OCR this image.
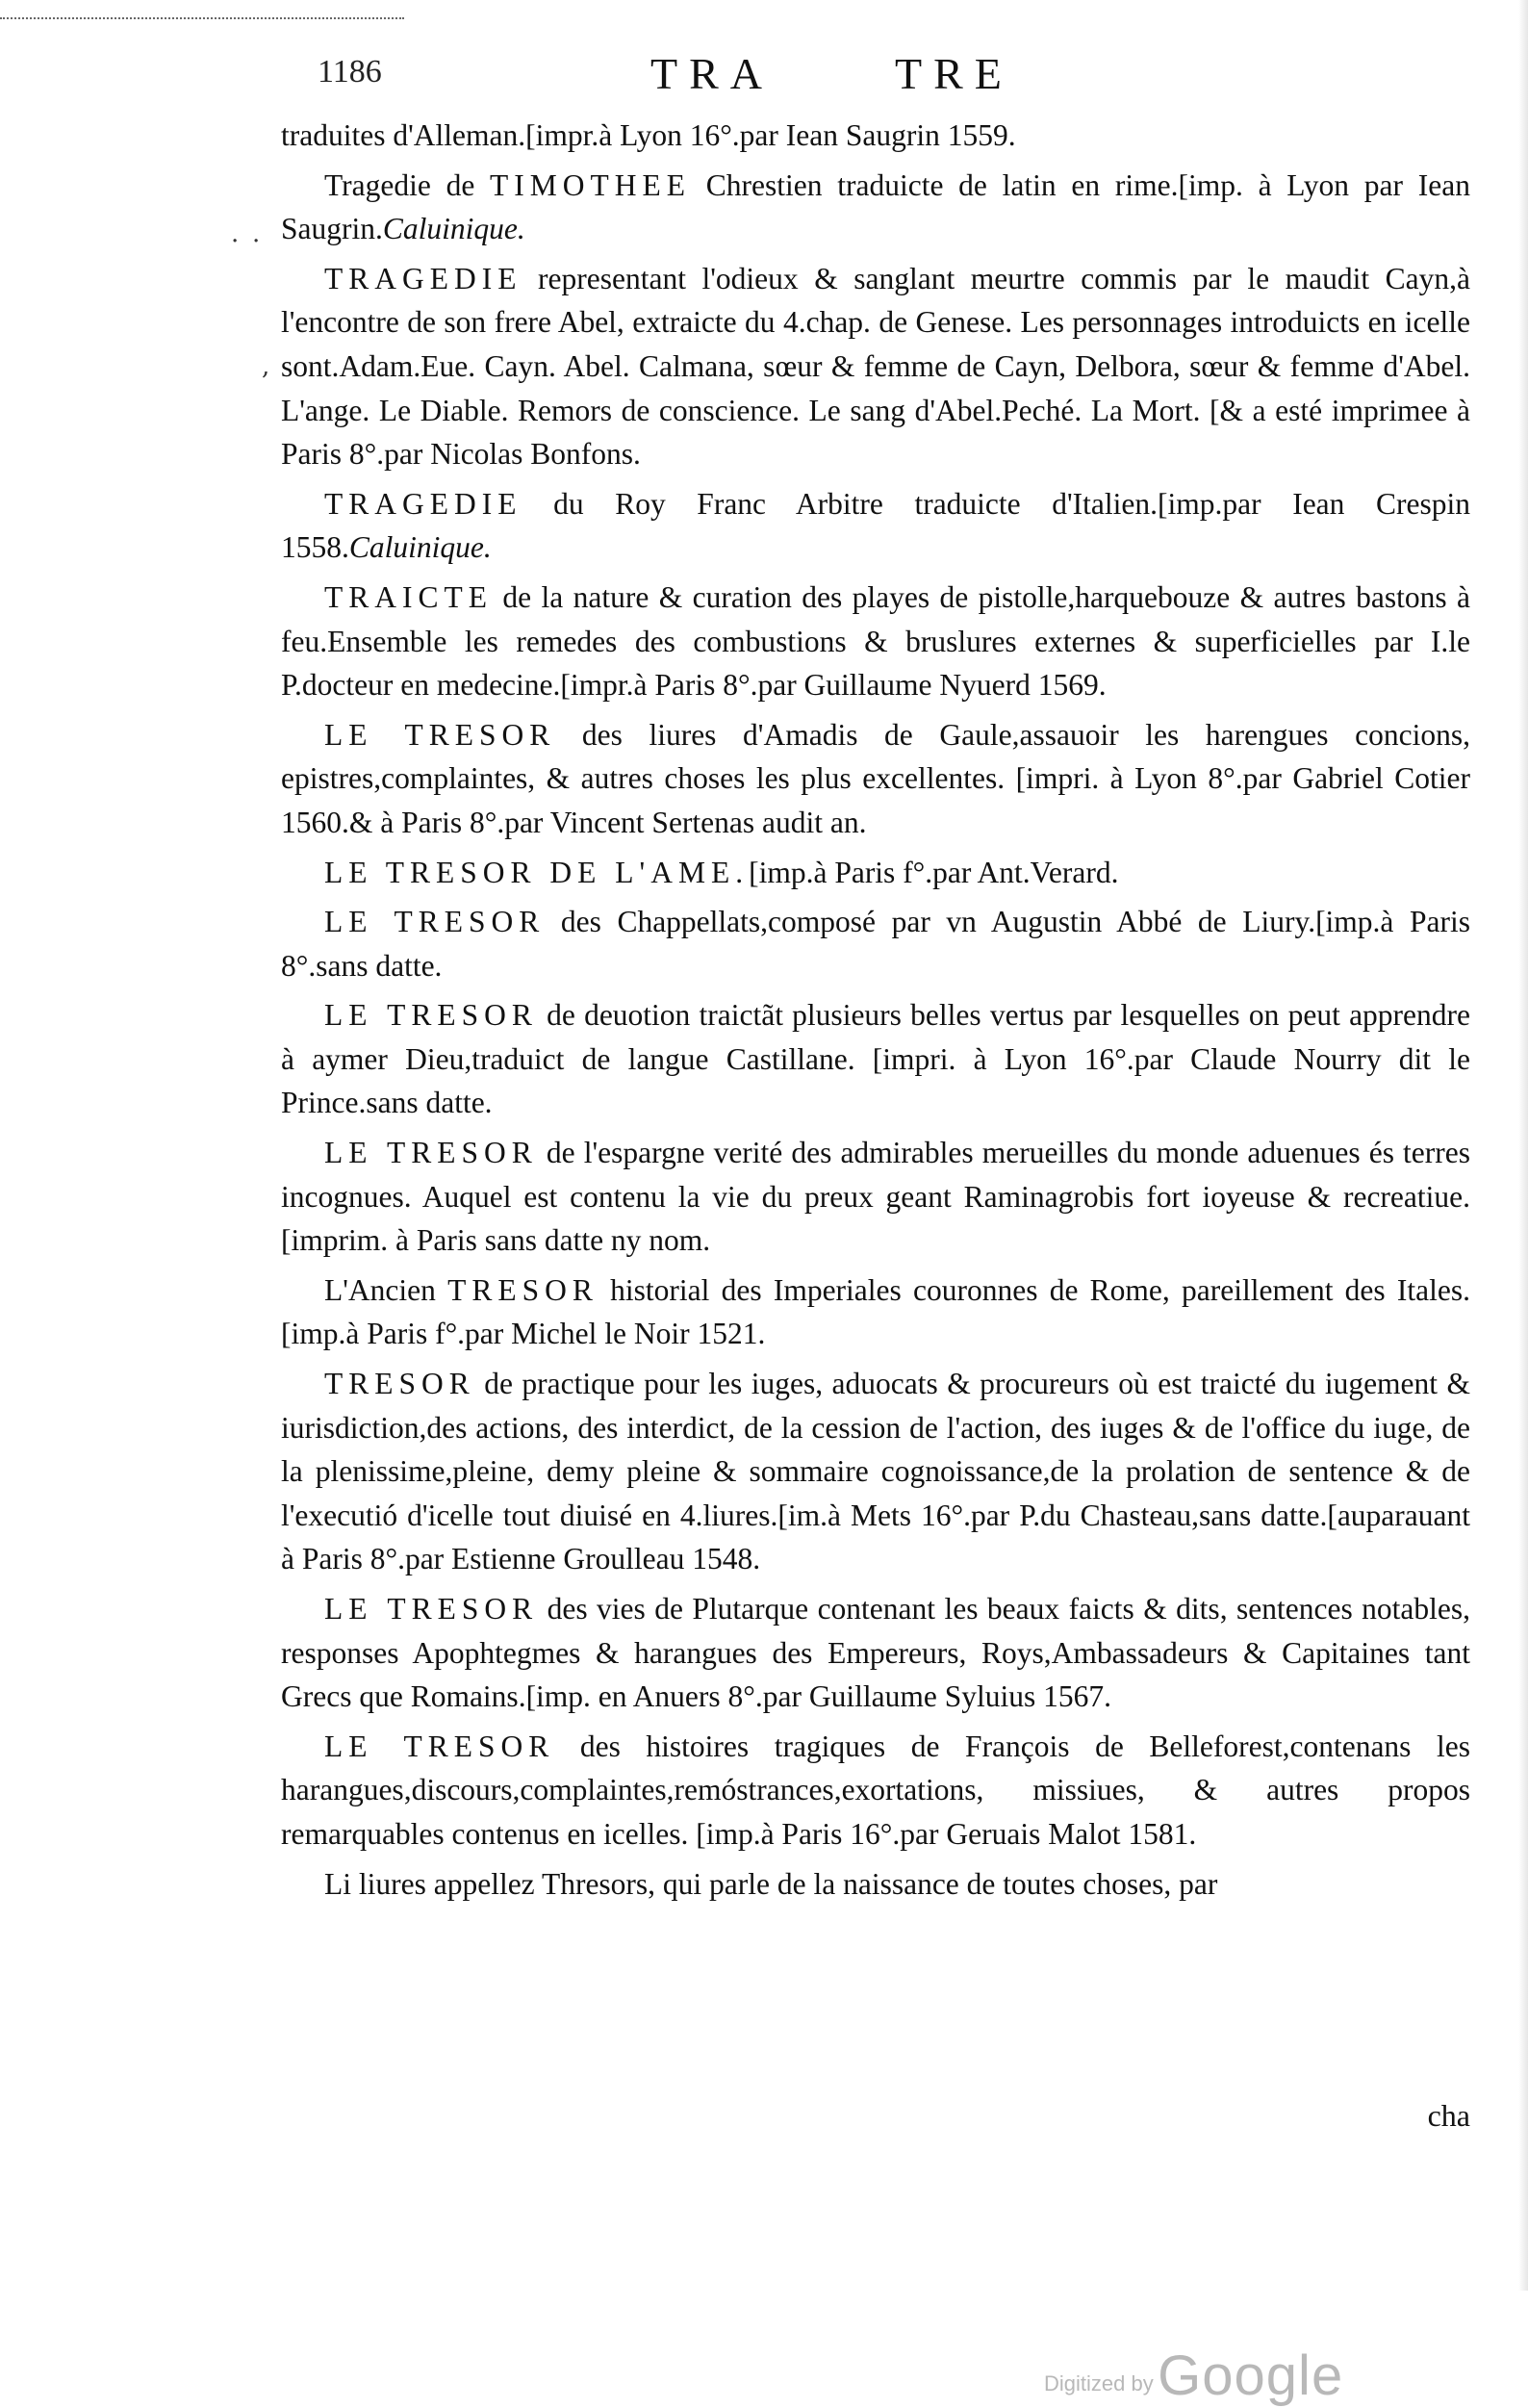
1186	TRA	TRE
. .
,

traduites d'Alleman.[impr.à Lyon 16°.par Iean Saugrin 1559.

Tragedie de TIMOTHEE Chrestien traduicte de latin en rime.[imp. à Lyon par Iean Saugrin.Caluinique.

TRAGEDIE representant l'odieux & sanglant meurtre commis par le maudit Cayn,à l'encontre de son frere Abel, extraicte du 4.chap. de Genese. Les personnages introduicts en icelle sont.Adam.Eue. Cayn. Abel. Calmana, sœur & femme de Cayn, Delbora, sœur & femme d'Abel. L'ange. Le Diable. Remors de conscience. Le sang d'Abel.Peché. La Mort. [& a esté imprimee à Paris 8°.par Nicolas Bonfons.

TRAGEDIE du Roy Franc Arbitre traduicte d'Italien.[imp.par Iean Crespin 1558.Caluinique.

TRAICTE de la nature & curation des playes de pistolle,harquebouze & autres bastons à feu.Ensemble les remedes des combustions & bruslures externes & superficielles par I.le P.docteur en medecine.[impr.à Paris 8°.par Guillaume Nyuerd 1569.

LE TRESOR des liures d'Amadis de Gaule,assauoir les harengues concions, epistres,complaintes, & autres choses les plus excellentes. [impri. à Lyon 8°.par Gabriel Cotier 1560.& à Paris 8°.par Vincent Sertenas audit an.

LE TRESOR DE L'AME.[imp.à Paris f°.par Ant.Verard.

LE TRESOR des Chappellats,composé par vn Augustin Abbé de Liury.[imp.à Paris 8°.sans datte.

LE TRESOR de deuotion traictãt plusieurs belles vertus par lesquelles on peut apprendre à aymer Dieu,traduict de langue Castillane. [impri. à Lyon 16°.par Claude Nourry dit le Prince.sans datte.

LE TRESOR de l'espargne verité des admirables merueilles du monde aduenues és terres incognues. Auquel est contenu la vie du preux geant Raminagrobis fort ioyeuse & recreatiue. [imprim. à Paris sans datte ny nom.

L'Ancien TRESOR historial des Imperiales couronnes de Rome, pareillement des Itales. [imp.à Paris f°.par Michel le Noir 1521.

TRESOR de practique pour les iuges, aduocats & procureurs où est traicté du iugement & iurisdiction,des actions, des interdict, de la cession de l'action, des iuges & de l'office du iuge, de la plenissime,pleine, demy pleine & sommaire cognoissance,de la prolation de sentence & de l'executió d'icelle tout diuisé en 4.liures.[im.à Mets 16°.par P.du Chasteau,sans datte.[auparauant à Paris 8°.par Estienne Groulleau 1548.

LE TRESOR des vies de Plutarque contenant les beaux faicts & dits, sentences notables, responses Apophtegmes & harangues des Empereurs, Roys,Ambassadeurs & Capitaines tant Grecs que Romains.[imp. en Anuers 8°.par Guillaume Syluius 1567.

LE TRESOR des histoires tragiques de François de Belleforest,contenans les harangues,discours,complaintes,remóstrances,exortations, missiues, & autres propos remarquables contenus en icelles. [imp.à Paris 16°.par Geruais Malot 1581.

Li liures appellez Thresors, qui parle de la naissance de toutes choses, par

cha
Digitized by Google
